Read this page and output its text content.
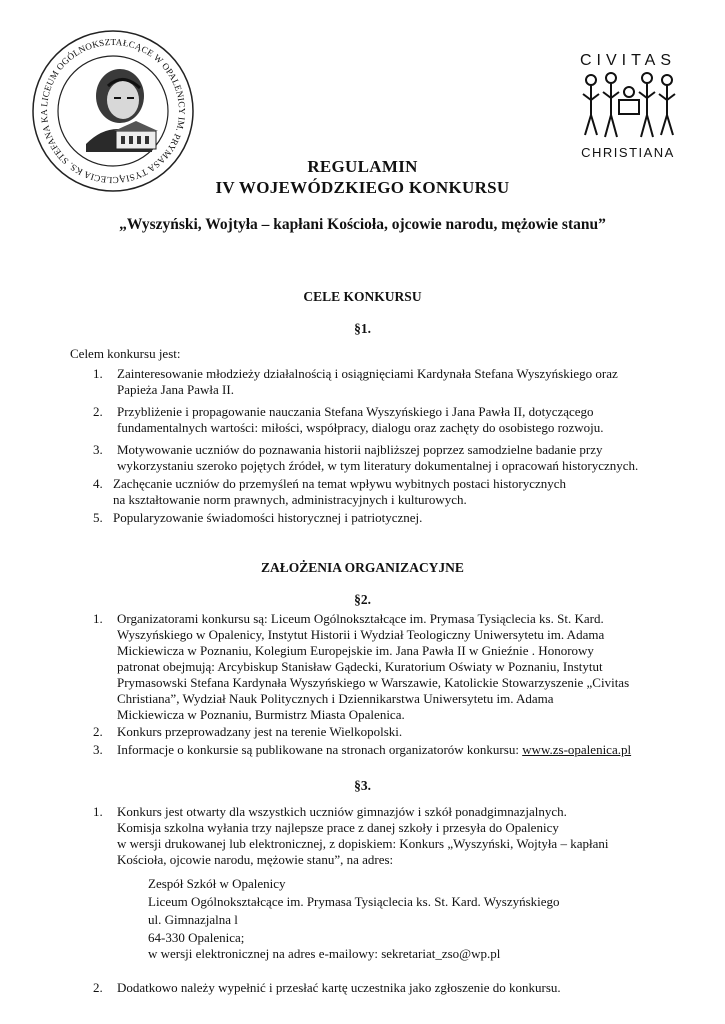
LICEUM OGÓLNOKSZTAŁCĄCE W OPALENICY IM. PRYMASA TYSIĄCLECIA KS. STEFANA KA
CIVITAS
CHRISTIANA
REGULAMIN
IV WOJEWÓDZKIEGO KONKURSU
„Wyszyński, Wojtyła – kapłani Kościoła, ojcowie narodu, mężowie stanu”
CELE KONKURSU
§1.
Celem konkursu jest:
1. Zainteresowanie młodzieży działalnością i osiągnięciami Kardynała Stefana Wyszyńskiego oraz
Papieża Jana Pawła II.
2. Przybliżenie i propagowanie nauczania Stefana Wyszyńskiego i Jana Pawła II, dotyczącego
fundamentalnych wartości: miłości, współpracy, dialogu oraz zachęty do osobistego rozwoju.
3. Motywowanie uczniów do poznawania historii najbliższej poprzez samodzielne badanie przy
wykorzystaniu szeroko pojętych źródeł, w tym literatury dokumentalnej i opracowań historycznych.
4. Zachęcanie uczniów do przemyśleń na temat wpływu wybitnych postaci historycznych
na kształtowanie norm prawnych, administracyjnych i kulturowych.
5. Popularyzowanie świadomości historycznej i patriotycznej.
ZAŁOŻENIA ORGANIZACYJNE
§2.
1. Organizatorami konkursu są: Liceum Ogólnokształcące im. Prymasa Tysiąclecia ks. St. Kard.
Wyszyńskiego w Opalenicy, Instytut Historii i Wydział Teologiczny Uniwersytetu im. Adama
Mickiewicza w Poznaniu, Kolegium Europejskie im. Jana Pawła II w Gnieźnie . Honorowy
patronat obejmują: Arcybiskup Stanisław Gądecki, Kuratorium Oświaty w Poznaniu, Instytut
Prymasowski Stefana Kardynała Wyszyńskiego w Warszawie, Katolickie Stowarzyszenie „Civitas
Christiana”, Wydział Nauk Politycznych i Dziennikarstwa Uniwersytetu im. Adama
Mickiewicza w Poznaniu, Burmistrz Miasta Opalenica.
2. Konkurs przeprowadzany jest na terenie Wielkopolski.
3. Informacje o konkursie są publikowane na stronach organizatorów konkursu: www.zs-opalenica.pl
§3.
1. Konkurs jest otwarty dla wszystkich uczniów gimnazjów i szkół ponadgimnazjalnych.
Komisja szkolna wyłania trzy najlepsze prace z danej szkoły i przesyła do Opalenicy
w wersji drukowanej lub elektronicznej, z dopiskiem: Konkurs „Wyszyński, Wojtyła – kapłani
Kościoła, ojcowie narodu, mężowie stanu”, na adres:
Zespół Szkół w Opalenicy
Liceum Ogólnokształcące im. Prymasa Tysiąclecia ks. St. Kard. Wyszyńskiego
ul. Gimnazjalna l
64-330 Opalenica;
w wersji elektronicznej na adres e-mailowy: sekretariat_zso@wp.pl
2. Dodatkowo należy wypełnić i przesłać kartę uczestnika jako zgłoszenie do konkursu.
